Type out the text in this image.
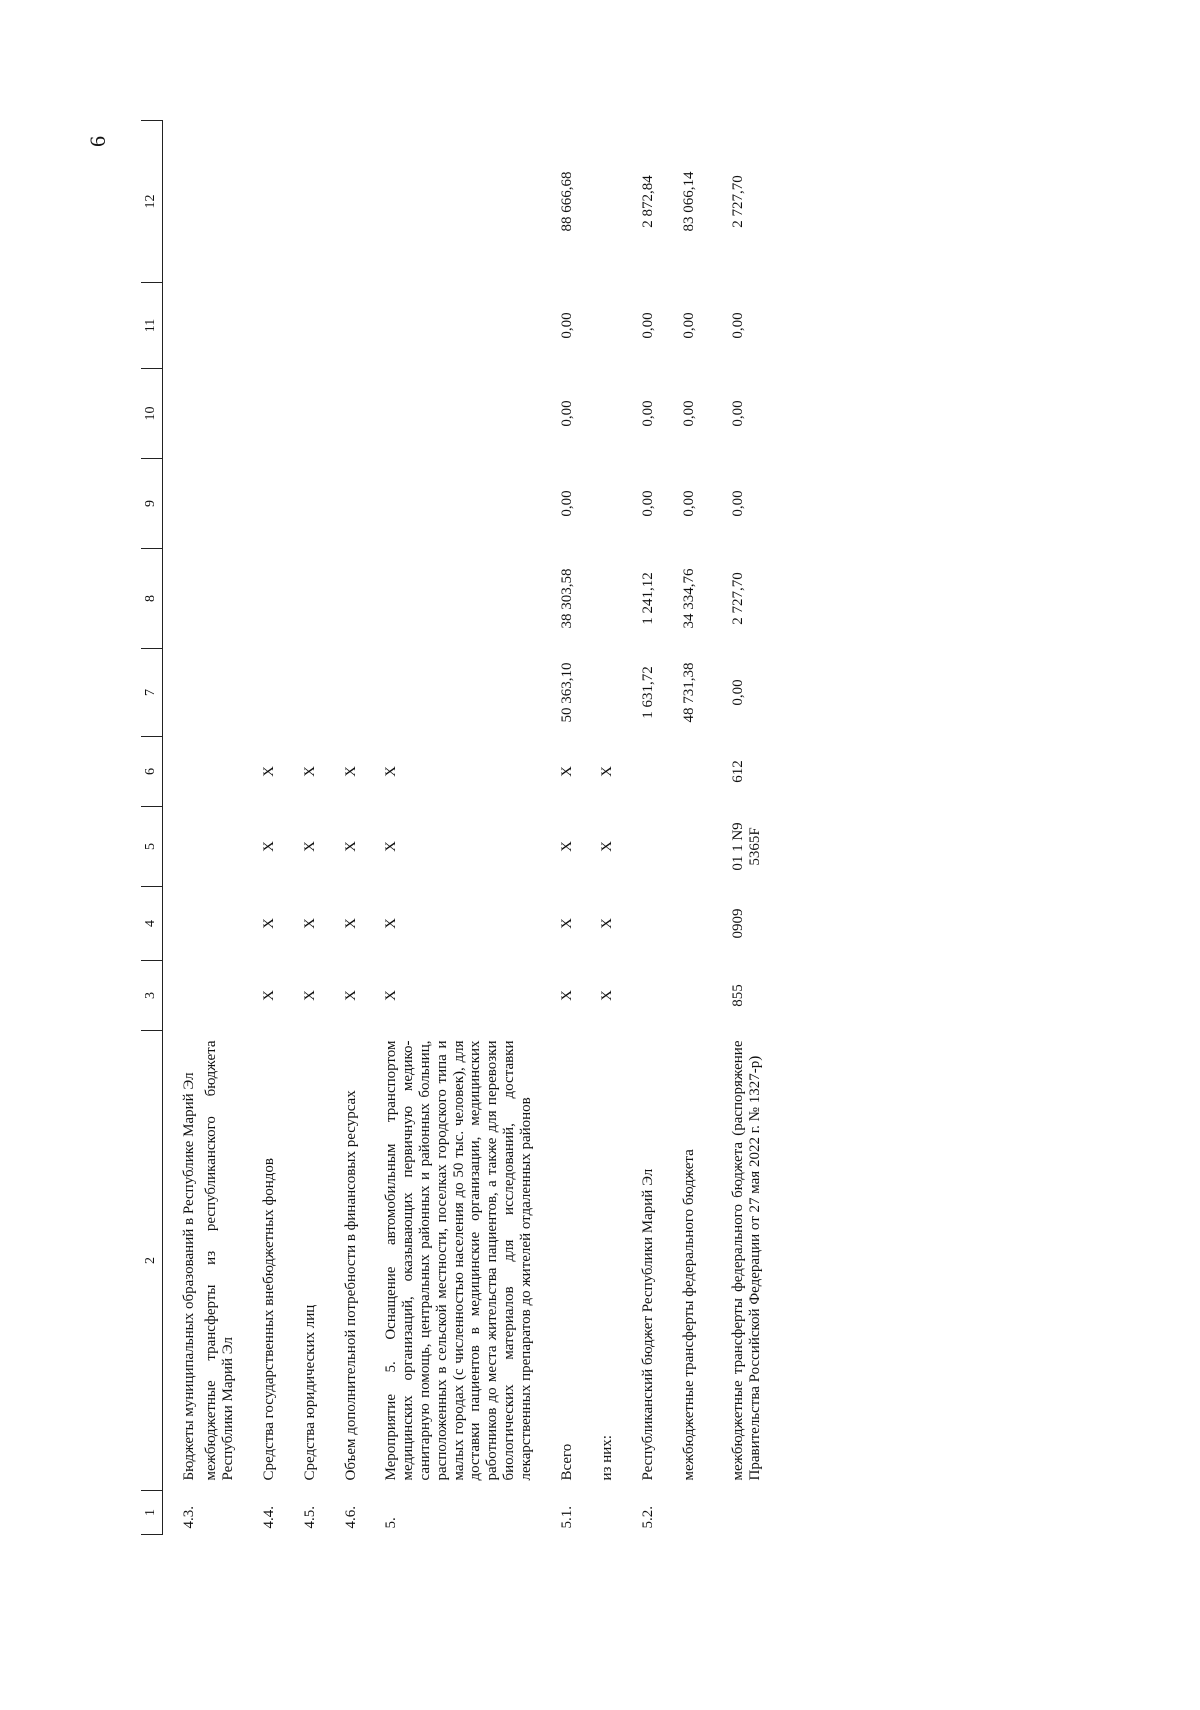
6
1	2	3	4	5	6	7	8	9	10	11	12
4.3.	Бюджеты муниципальных образований в Республике Марий Эл межбюджетные трансферты из республиканского бюджета Республики Марий Эл										

4.4.	Средства государственных внебюджетных фондов	Х	Х	Х	Х						
4.5.	Средства юридических лиц	Х	Х	Х	Х						
4.6.	Объем дополнительной потребности в финансовых ресурсах	Х	Х	Х	Х						
5.	Мероприятие 5. Оснащение автомобильным транспортом медицинских организаций, оказывающих первичную медико-санитарную помощь, центральных районных и районных больниц, расположенных в сельской местности, поселках городского типа и малых городах (с численностью населения до 50 тыс. человек), для доставки пациентов в медицинские организации, медицинских работников до места жительства пациентов, а также для перевозки биологических материалов для исследований, доставки лекарственных препаратов до жителей отдаленных районов	Х	Х	Х	Х						
5.1.	Всего	Х	Х	Х	Х	50 363,10	38 303,58	0,00	0,00	0,00	88 666,68

	из них:	Х	Х	Х	Х						
5.2.	Республиканский бюджет Республики Марий Эл					1 631,72	1 241,12	0,00	0,00	0,00	2 872,84

	межбюджетные трансферты федерального бюджета					48 731,38	34 334,76	0,00	0,00	0,00	83 066,14

	межбюджетные трансферты федерального бюджета (распоряжение Правительства Российской Федерации от 27 мая 2022 г. № 1327-р)	855	0909	01 1 N9 5365F	612	0,00	2 727,70	0,00	0,00	0,00	2 727,70
